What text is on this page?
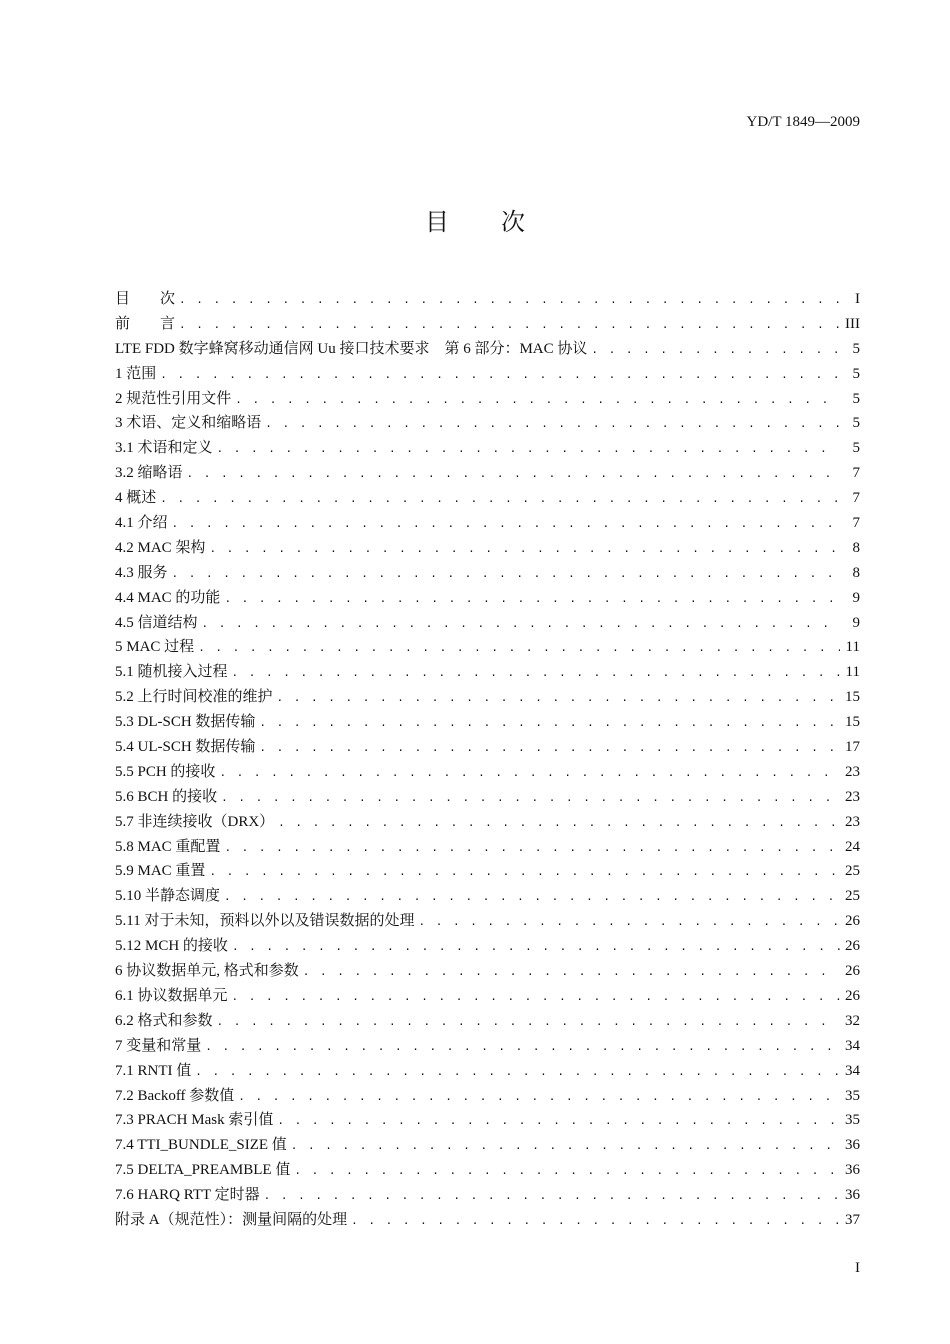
YD/T 1849—2009
目次
目　　次 . . .	I
前　　言 . . .	III
LTE FDD 数字蜂窝移动通信网 Uu 接口技术要求　第 6 部分：MAC 协议 . . .	5
1 范围 . . .	5
2 规范性引用文件 . . .	5
3 术语、定义和缩略语 . . .	5
3.1 术语和定义 . . .	5
3.2 缩略语 . . .	7
4 概述 . . .	7
4.1 介绍 . . .	7
4.2 MAC 架构 . . .	8
4.3 服务 . . .	8
4.4 MAC 的功能 . . .	9
4.5 信道结构 . . .	9
5 MAC 过程 . . .	11
5.1 随机接入过程 . . .	11
5.2 上行时间校准的维护 . . .	15
5.3 DL-SCH 数据传输 . . .	15
5.4 UL-SCH 数据传输 . . .	17
5.5 PCH 的接收 . . .	23
5.6 BCH 的接收 . . .	23
5.7 非连续接收（DRX） . . .	23
5.8 MAC 重配置 . . .	24
5.9 MAC 重置 . . .	25
5.10 半静态调度 . . .	25
5.11 对于未知，预料以外以及错误数据的处理 . . .	26
5.12 MCH 的接收 . . .	26
6 协议数据单元, 格式和参数 . . .	26
6.1 协议数据单元 . . .	26
6.2 格式和参数 . . .	32
7 变量和常量 . . .	34
7.1 RNTI 值 . . .	34
7.2 Backoff 参数值 . . .	35
7.3 PRACH Mask 索引值 . . .	35
7.4 TTI_BUNDLE_SIZE 值 . . .	36
7.5 DELTA_PREAMBLE 值 . . .	36
7.6 HARQ RTT 定时器 . . .	36
附录 A（规范性）：测量间隔的处理 . . .	37
I
